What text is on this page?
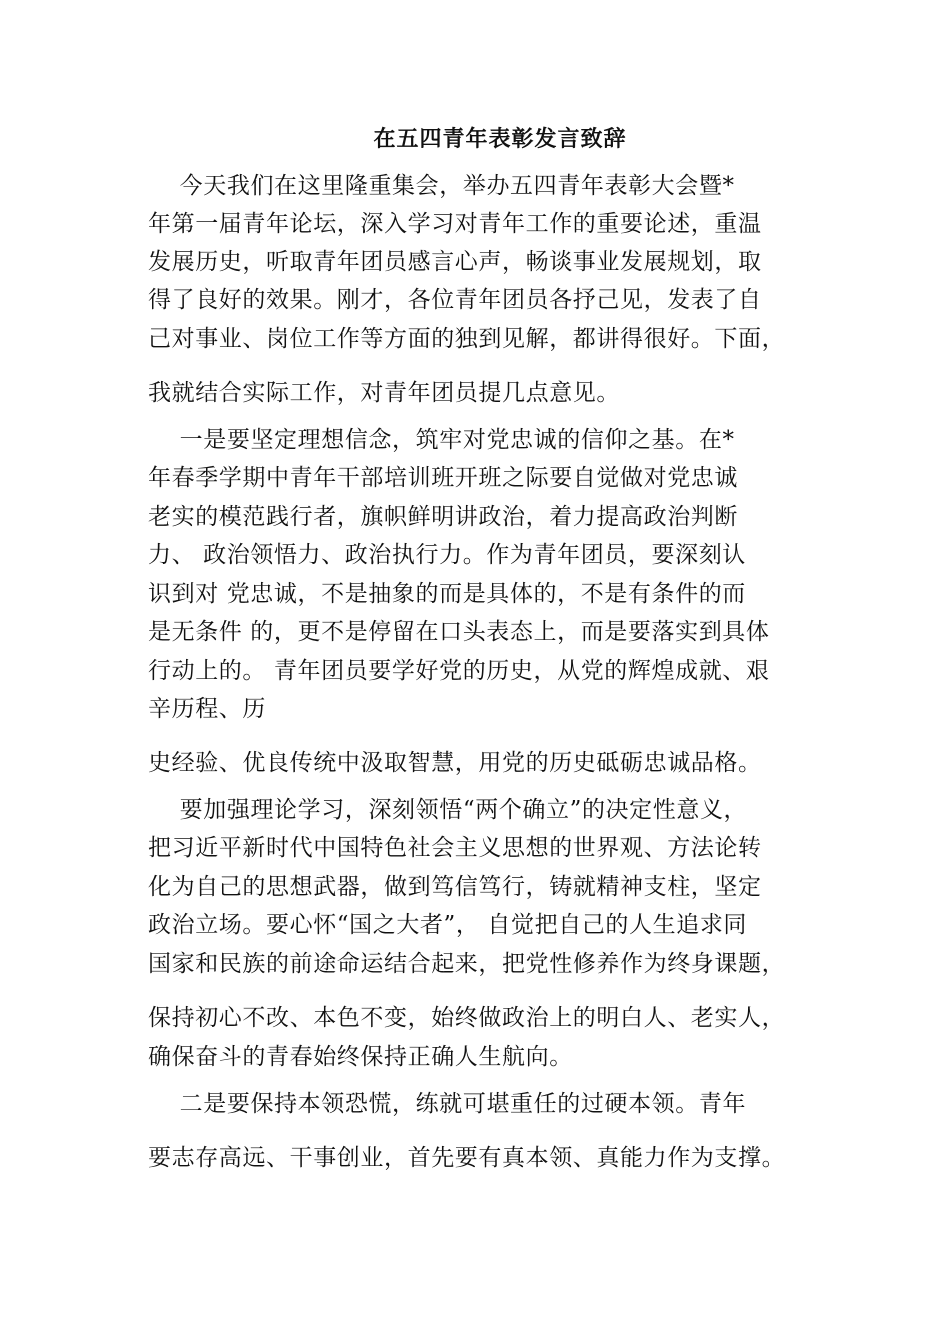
在五四青年表彰发言致辞
今天我们在这里隆重集会，举办五四青年表彰大会暨*
年第一届青年论坛，深入学习对青年工作的重要论述，重温
发展历史，听取青年团员感言心声，畅谈事业发展规划，取
得了良好的效果。刚才，各位青年团员各抒己见，发表了自
己对事业、岗位工作等方面的独到见解，都讲得很好。下面，
我就结合实际工作，对青年团员提几点意见。
一是要坚定理想信念，筑牢对党忠诚的信仰之基。在*
年春季学期中青年干部培训班开班之际要自觉做对党忠诚
老实的模范践行者，旗帜鲜明讲政治，着力提高政治判断
力、 政治领悟力、政治执行力。作为青年团员，要深刻认
识到对 党忠诚，不是抽象的而是具体的，不是有条件的而
是无条件 的，更不是停留在口头表态上，而是要落实到具体
行动上的。 青年团员要学好党的历史，从党的辉煌成就、艰
辛历程、历
史经验、优良传统中汲取智慧，用党的历史砥砺忠诚品格。
要加强理论学习，深刻领悟“两个确立”的决定性意义，
把习近平新时代中国特色社会主义思想的世界观、方法论转
化为自己的思想武器，做到笃信笃行，铸就精神支柱，坚定
政治立场。要心怀“国之大者”， 自觉把自己的人生追求同
国家和民族的前途命运结合起来，把党性修养作为终身课题，
保持初心不改、本色不变，始终做政治上的明白人、老实人，
确保奋斗的青春始终保持正确人生航向。
二是要保持本领恐慌，练就可堪重任的过硬本领。青年
要志存高远、干事创业，首先要有真本领、真能力作为支撑。
